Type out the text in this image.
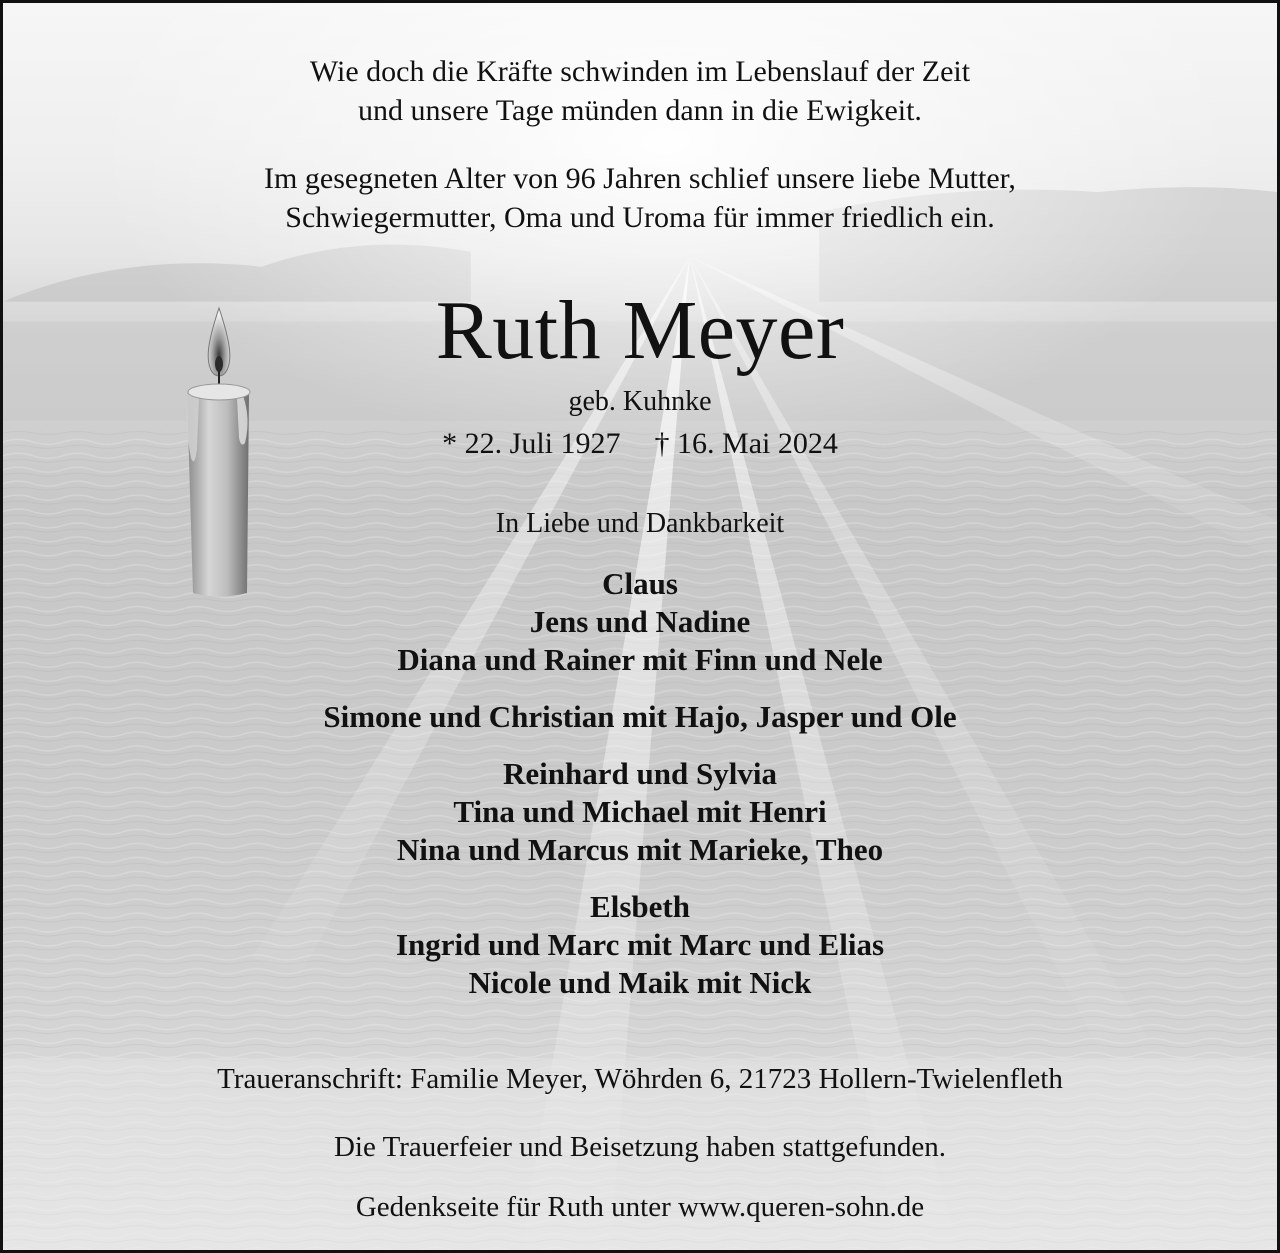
Wie doch die Kräfte schwinden im Lebenslauf der Zeit
und unsere Tage münden dann in die Ewigkeit.
Im gesegneten Alter von 96 Jahren schlief unsere liebe Mutter,
Schwiegermutter, Oma und Uroma für immer friedlich ein.
Ruth Meyer
geb. Kuhnke
* 22. Juli 1927 † 16. Mai 2024
In Liebe und Dankbarkeit
Claus
Jens und Nadine
Diana und Rainer mit Finn und Nele
Simone und Christian mit Hajo, Jasper und Ole
Reinhard und Sylvia
Tina und Michael mit Henri
Nina und Marcus mit Marieke, Theo
Elsbeth
Ingrid und Marc mit Marc und Elias
Nicole und Maik mit Nick
Traueranschrift: Familie Meyer, Wöhrden 6, 21723 Hollern-Twielenfleth
Die Trauerfeier und Beisetzung haben stattgefunden.
Gedenkseite für Ruth unter www.queren-sohn.de
